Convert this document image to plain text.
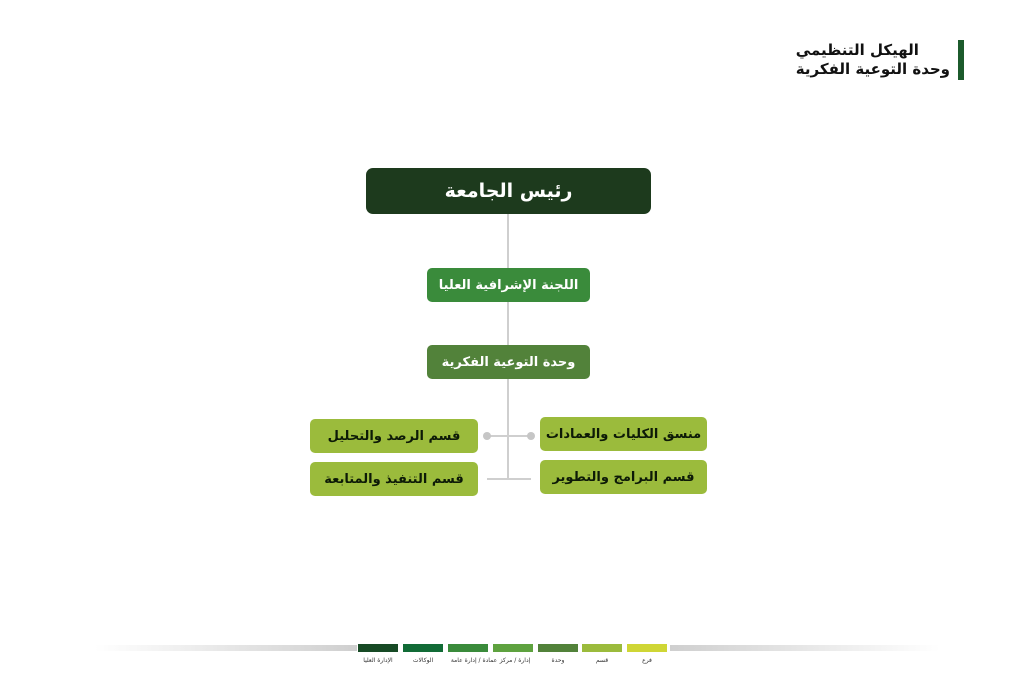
الهيكل التنظيمي
وحدة التوعية الفكرية
رئيس الجامعة
اللجنة الإشرافية العليا
وحدة التوعية الفكرية
منسق الكليات والعمادات
قسم البرامج والتطوير
قسم الرصد والتحليل
قسم التنفيذ والمتابعة
الإدارة العليا	الوكالات	عمادة / إدارة عامة إدارة / مركز	وحدة	قسم	فرع
